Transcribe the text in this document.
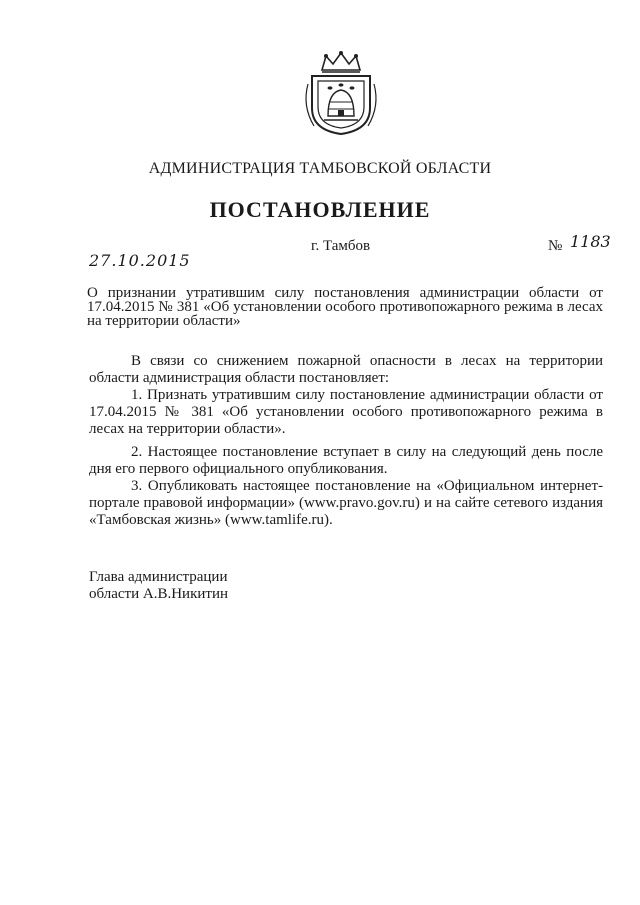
АДМИНИСТРАЦИЯ ТАМБОВСКОЙ ОБЛАСТИ
ПОСТАНОВЛЕНИЕ
г. Тамбов	№ 1183
27.10.2015
О признании утратившим силу постановления администрации области от 17.04.2015 № 381 «Об установлении особого противопожарного режима в лесах на территории области»

В связи со снижением пожарной опасности в лесах на территории области администрация области постановляет:

1. Признать утратившим силу постановление администрации области от 17.04.2015 № 381 «Об установлении особого противопожарного режима в лесах на территории области».

2. Настоящее постановление вступает в силу на следующий день после дня его первого официального опубликования.

3. Опубликовать настоящее постановление на «Официальном интернет-портале правовой информации» (www.pravo.gov.ru) и на сайте сетевого издания «Тамбовская жизнь» (www.tamlife.ru).

Глава администрации
области А.В.Никитин
